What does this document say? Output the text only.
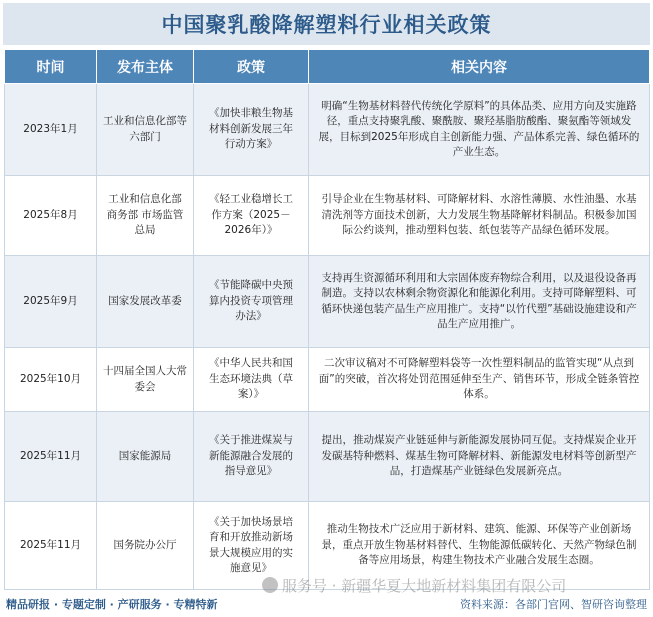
中国聚乳酸降解塑料行业相关政策
时间	发布主体	政策	相关内容
2023年1月	工业和信息化部等六部门	《加快非粮生物基材料创新发展三年行动方案》	明确“生物基材料替代传统化学原料”的具体品类、应用方向及实施路径，重点支持聚乳酸、聚酰胺、聚羟基脂肪酸酯、聚氨酯等领域发展，目标到2025年形成自主创新能力强、产品体系完善、绿色循环的产业生态。
2025年8月	工业和信息化部 商务部 市场监管总局	《轻工业稳增长工作方案（2025－2026年）》	引导企业在生物基材料、可降解材料、水溶性薄膜、水性油墨、水基清洗剂等方面技术创新，大力发展生物基降解材料制品。积极参加国际公约谈判，推动塑料包装、纸包装等产品绿色循环发展。
2025年9月	国家发展改革委	《节能降碳中央预算内投资专项管理办法》	支持再生资源循环利用和大宗固体废弃物综合利用，以及退役设备再制造。支持以农林剩余物资源化和能源化利用。支持可降解塑料、可循环快递包装产品生产应用推广。支持“以竹代塑”基础设施建设和产品生产应用推广。
2025年10月	十四届全国人大常委会	《中华人民共和国生态环境法典（草案）》	二次审议稿对不可降解塑料袋等一次性塑料制品的监管实现“从点到面”的突破，首次将处罚范围延伸至生产、销售环节，形成全链条管控体系。
2025年11月	国家能源局	《关于推进煤炭与新能源融合发展的指导意见》	提出，推动煤炭产业链延伸与新能源发展协同互促。支持煤炭企业开发碳基特种燃料、煤基生物可降解材料、新能源发电材料等创新型产品，打造煤基产业链绿色发展新亮点。
2025年11月	国务院办公厅	《关于加快场景培育和开放推动新场景大规模应用的实施意见》	推动生物技术广泛应用于新材料、建筑、能源、环保等产业创新场景，重点开放生物基材料替代、生物能源低碳转化、天然产物绿色制备等应用场景，构建生物技术产业融合发展生态圈。
服务号 · 新疆华夏大地新材料集团有限公司
精品研报 · 专题定制 · 产研服务 · 专精特新	资料来源：各部门官网、智研咨询整理
